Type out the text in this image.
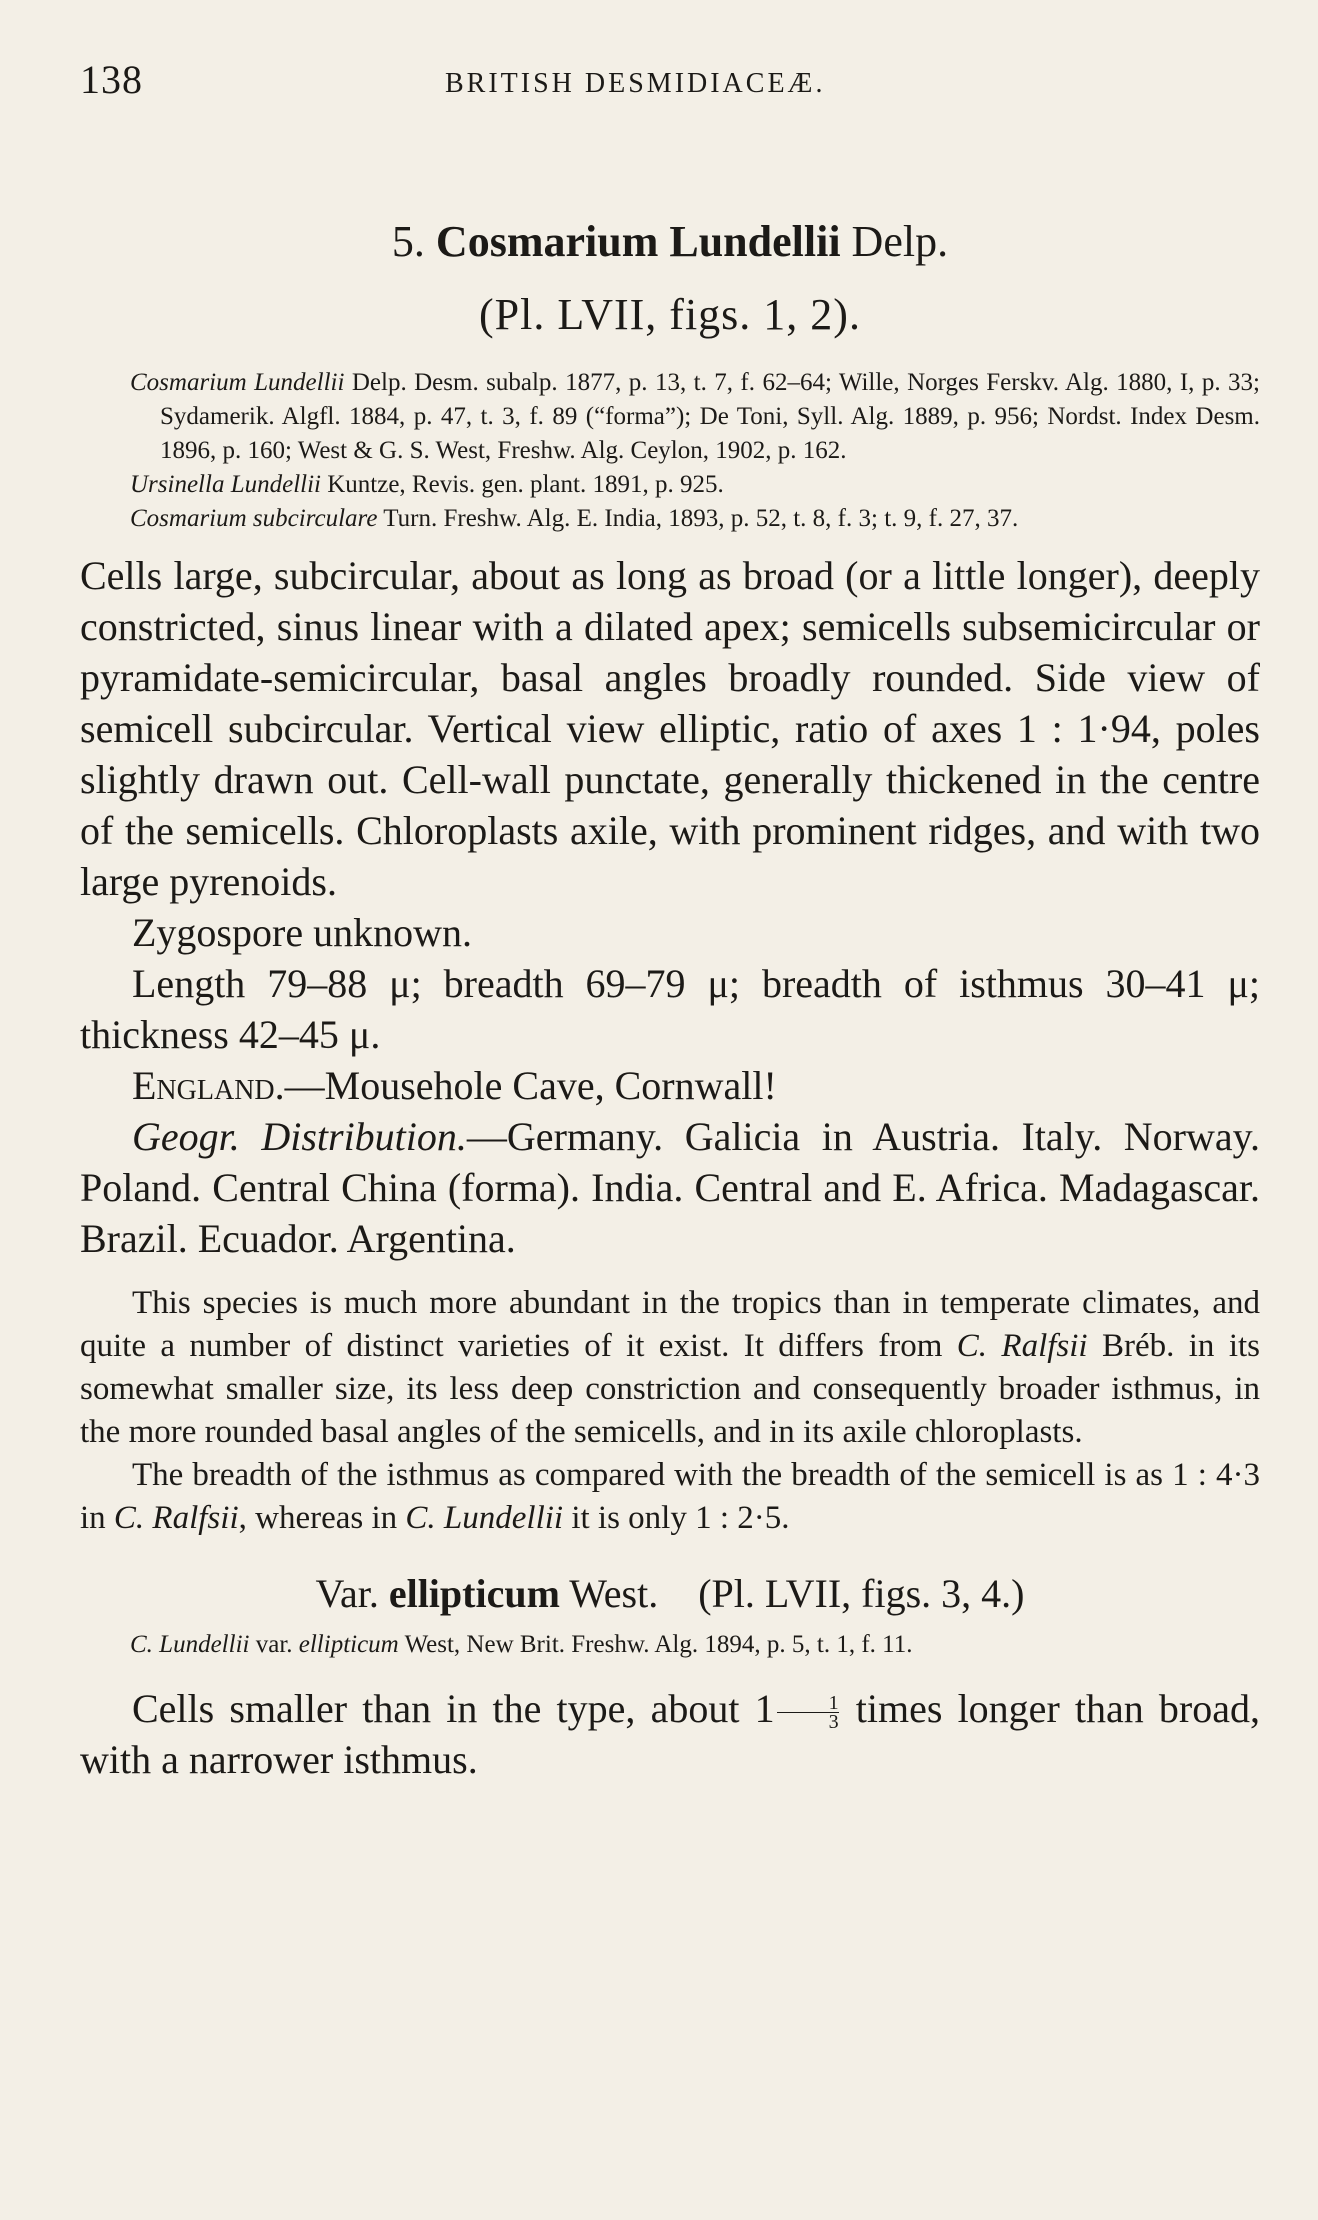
138	BRITISH DESMIDIACEÆ.
5. Cosmarium Lundellii Delp.
(Pl. LVII, figs. 1, 2).
Cosmarium Lundellii Delp. Desm. subalp. 1877, p. 13, t. 7, f. 62–64; Wille, Norges Ferskv. Alg. 1880, I, p. 33; Sydamerik. Algfl. 1884, p. 47, t. 3, f. 89 (“forma”); De Toni, Syll. Alg. 1889, p. 956; Nordst. Index Desm. 1896, p. 160; West & G. S. West, Freshw. Alg. Ceylon, 1902, p. 162.
Ursinella Lundellii Kuntze, Revis. gen. plant. 1891, p. 925.
Cosmarium subcirculare Turn. Freshw. Alg. E. India, 1893, p. 52, t. 8, f. 3; t. 9, f. 27, 37.

Cells large, subcircular, about as long as broad (or a little longer), deeply constricted, sinus linear with a dilated apex; semicells subsemicircular or pyramidate-semicircular, basal angles broadly rounded. Side view of semicell subcircular. Vertical view elliptic, ratio of axes 1 : 1·94, poles slightly drawn out. Cell-wall punctate, generally thickened in the centre of the semicells. Chloroplasts axile, with prominent ridges, and with two large pyrenoids.

Zygospore unknown.

Length 79–88 μ; breadth 69–79 μ; breadth of isthmus 30–41 μ; thickness 42–45 μ.

England.—Mousehole Cave, Cornwall!

Geogr. Distribution.—Germany. Galicia in Austria. Italy. Norway. Poland. Central China (forma). India. Central and E. Africa. Madagascar. Brazil. Ecuador. Argentina.

This species is much more abundant in the tropics than in temperate climates, and quite a number of distinct varieties of it exist. It differs from C. Ralfsii Bréb. in its somewhat smaller size, its less deep constriction and consequently broader isthmus, in the more rounded basal angles of the semicells, and in its axile chloroplasts.

The breadth of the isthmus as compared with the breadth of the semicell is as 1 : 4·3 in C. Ralfsii, whereas in C. Lundellii it is only 1 : 2·5.

Var. ellipticum West. (Pl. LVII, figs. 3, 4.)
C. Lundellii var. ellipticum West, New Brit. Freshw. Alg. 1894, p. 5, t. 1, f. 11.

Cells smaller than in the type, about $1 \frac{1}{3}$ times longer than broad, with a narrower isthmus.
